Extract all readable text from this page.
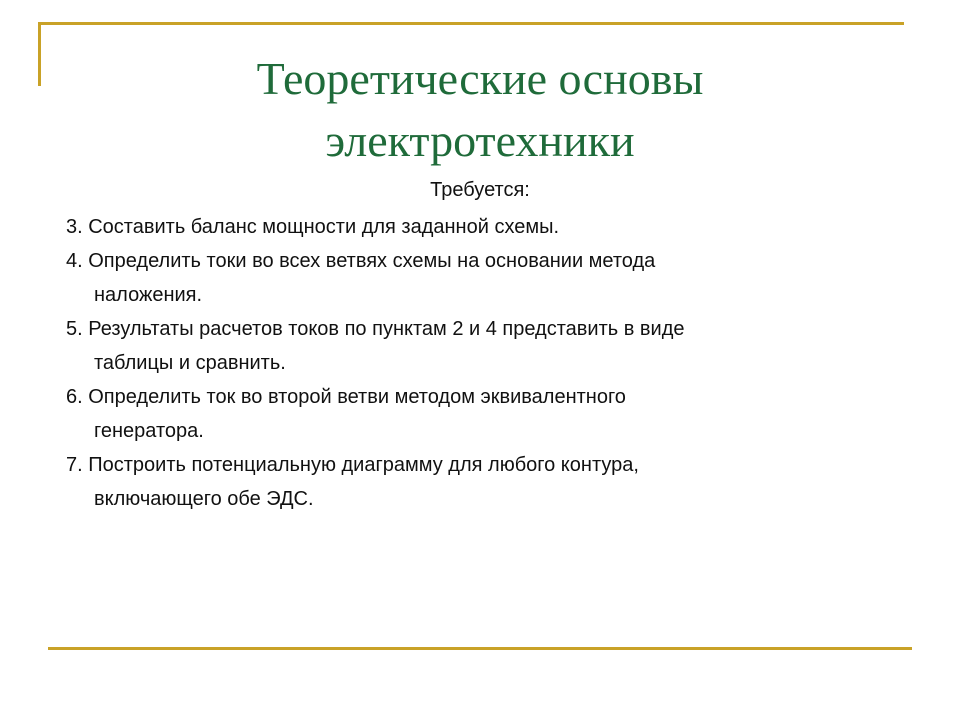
Теоретические основы
электротехники
Требуется:
3. Составить баланс мощности для заданной схемы.
4. Определить токи во всех ветвях схемы на основании метода
наложения.
5. Результаты расчетов токов по пунктам 2 и 4 представить в виде
таблицы и сравнить.
6. Определить ток во второй ветви методом эквивалентного
генератора.
7. Построить потенциальную диаграмму для любого контура,
включающего обе ЭДС.
